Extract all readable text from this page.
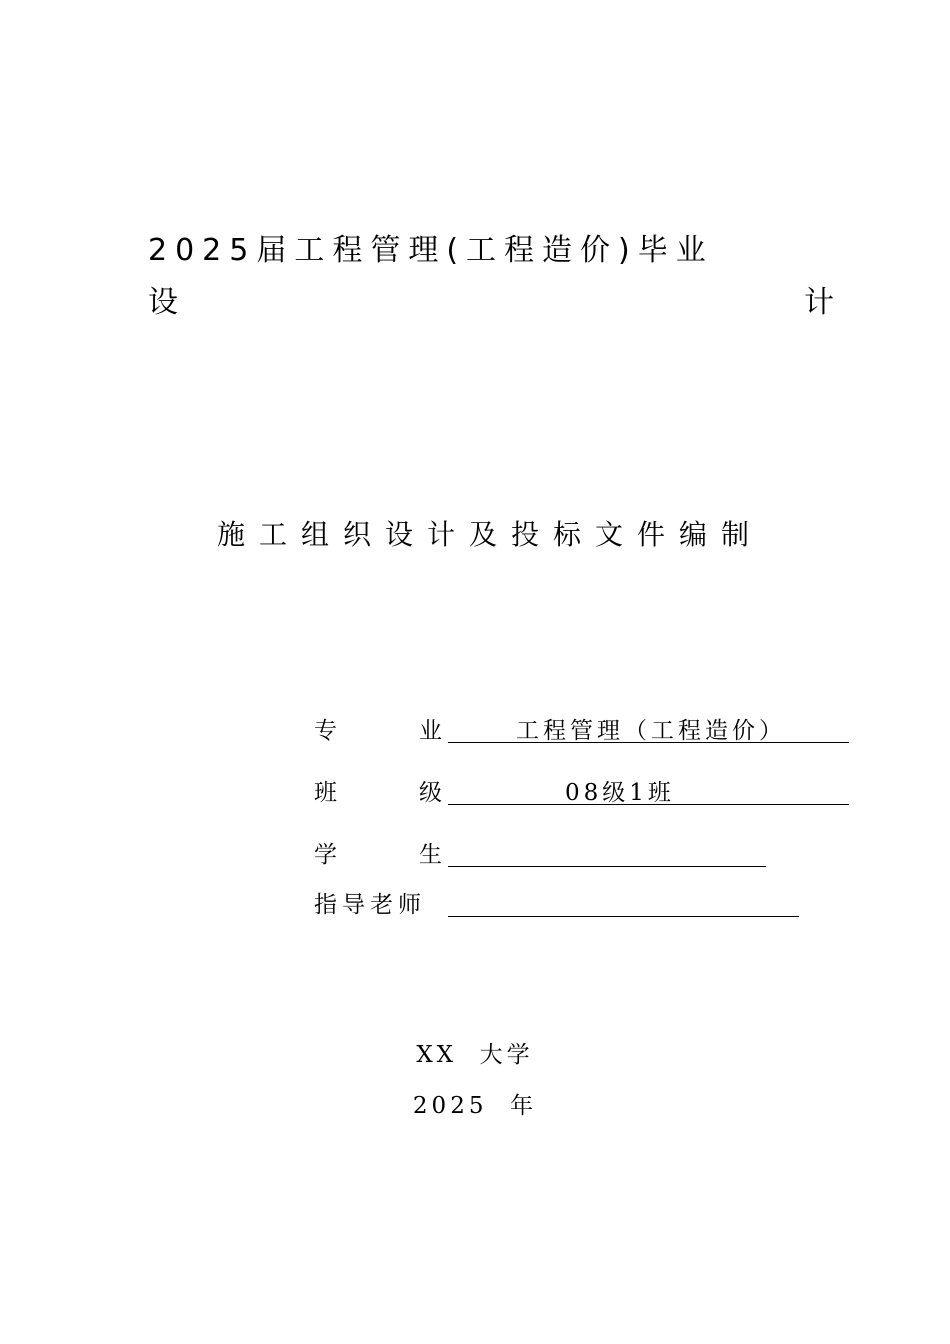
2025届工程管理(工程造价)毕业
设	计
施工组织设计及投标文件编制
专	业	工程管理（工程造价）
班	级	08级1班
学	生
指导老师
XX  大学
2025  年
